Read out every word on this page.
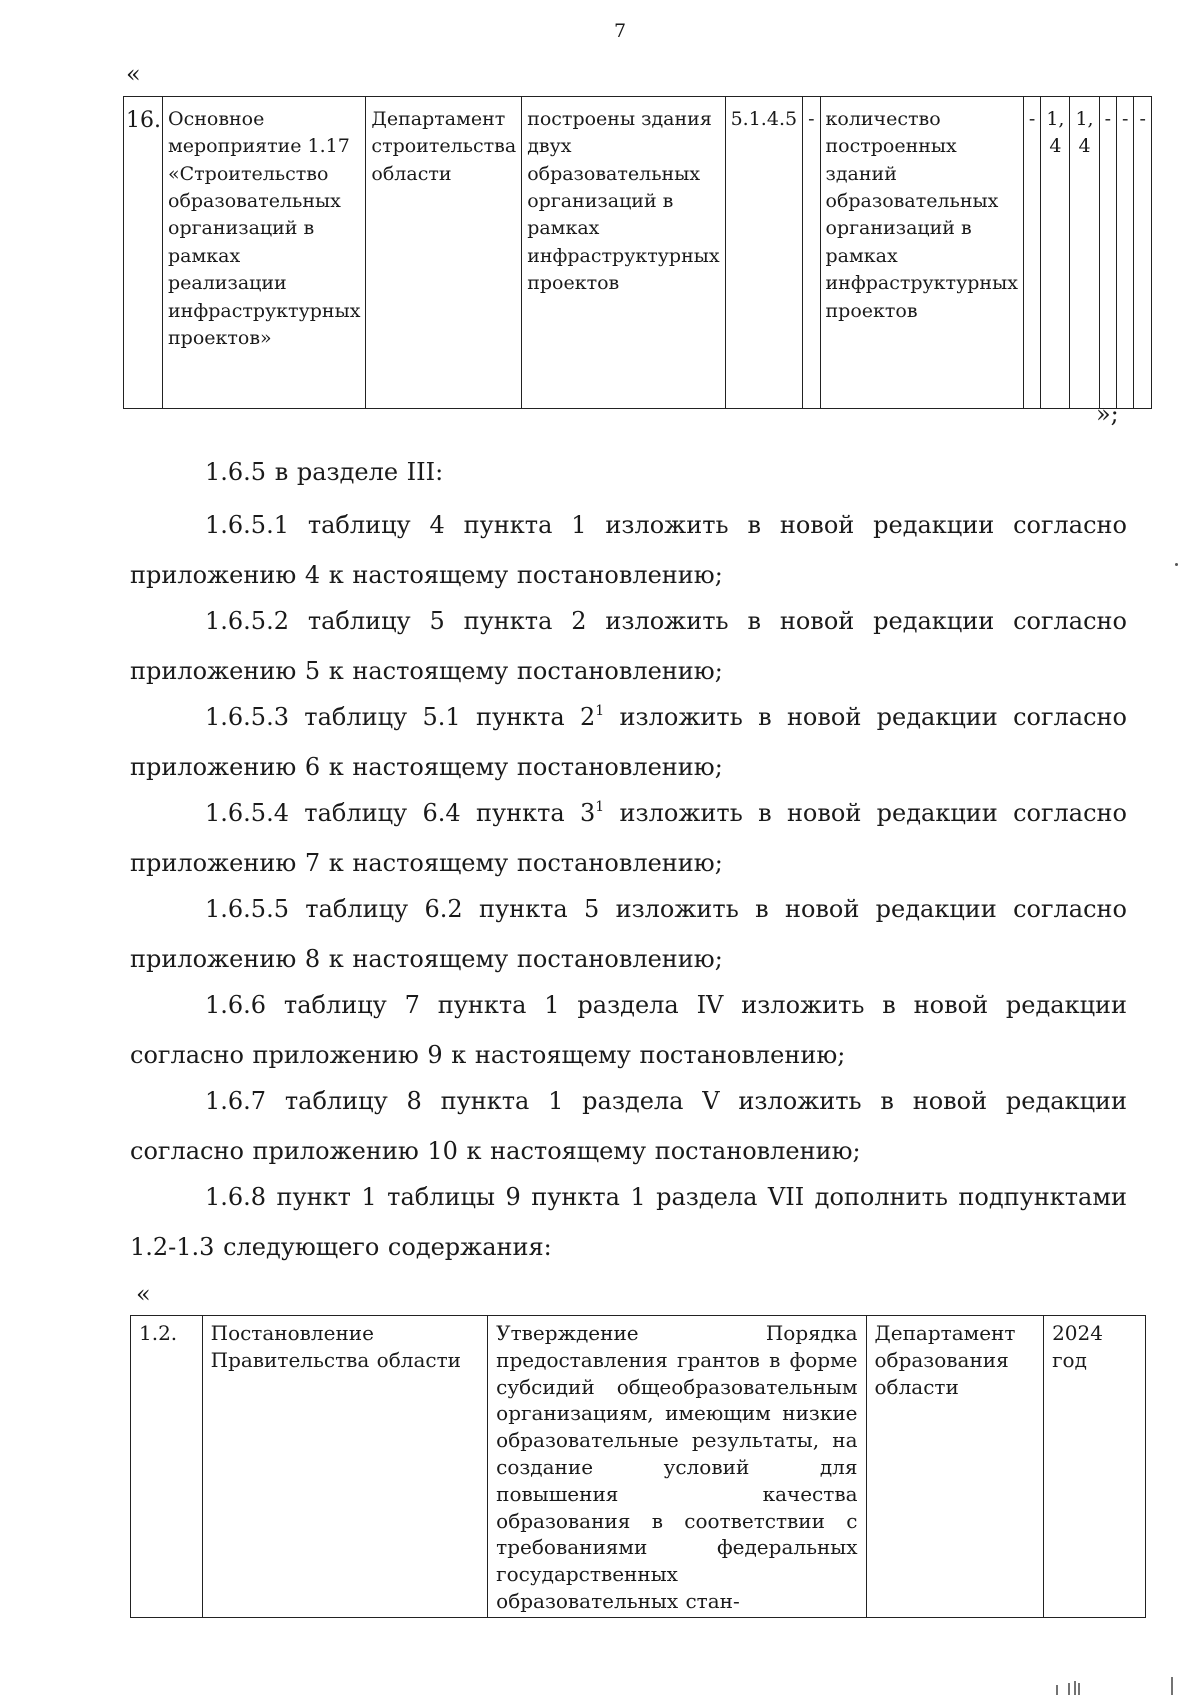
7
«
16.	Основное мероприятие 1.17 «Строительство образовательных организаций в рамках реализации инфраструктурных проектов»	Департамент строительства области	построены здания двух образовательных организаций в рамках инфраструктурных проектов	5.1.4.5	-	количество построенных зданий образовательных организаций в рамках инфраструктурных проектов	-	1, 4	1, 4	-	-	-
»;
1.6.5 в разделе III:
1.6.5.1 таблицу 4 пункта 1 изложить в новой редакции согласно приложению 4 к настоящему постановлению;
1.6.5.2 таблицу 5 пункта 2 изложить в новой редакции согласно приложению 5 к настоящему постановлению;
1.6.5.3 таблицу 5.1 пункта $2^1$ изложить в новой редакции согласно приложению 6 к настоящему постановлению;
1.6.5.4 таблицу 6.4 пункта $3^1$ изложить в новой редакции согласно приложению 7 к настоящему постановлению;
1.6.5.5 таблицу 6.2 пункта 5 изложить в новой редакции согласно приложению 8 к настоящему постановлению;
1.6.6 таблицу 7 пункта 1 раздела IV изложить в новой редакции согласно приложению 9 к настоящему постановлению;
1.6.7 таблицу 8 пункта 1 раздела V изложить в новой редакции согласно приложению 10 к настоящему постановлению;
1.6.8 пункт 1 таблицы 9 пункта 1 раздела VII дополнить подпунктами 1.2-1.3 следующего содержания:
«
1.2.	Постановление Правительства области	Утверждение Порядка предоставления грантов в форме субсидий общеобразовательным организациям, имеющим низкие образовательные результаты, на создание условий для повышения качества образования в соответствии с требованиями федеральных государственных образовательных стан-	Департамент образования области	2024 год
